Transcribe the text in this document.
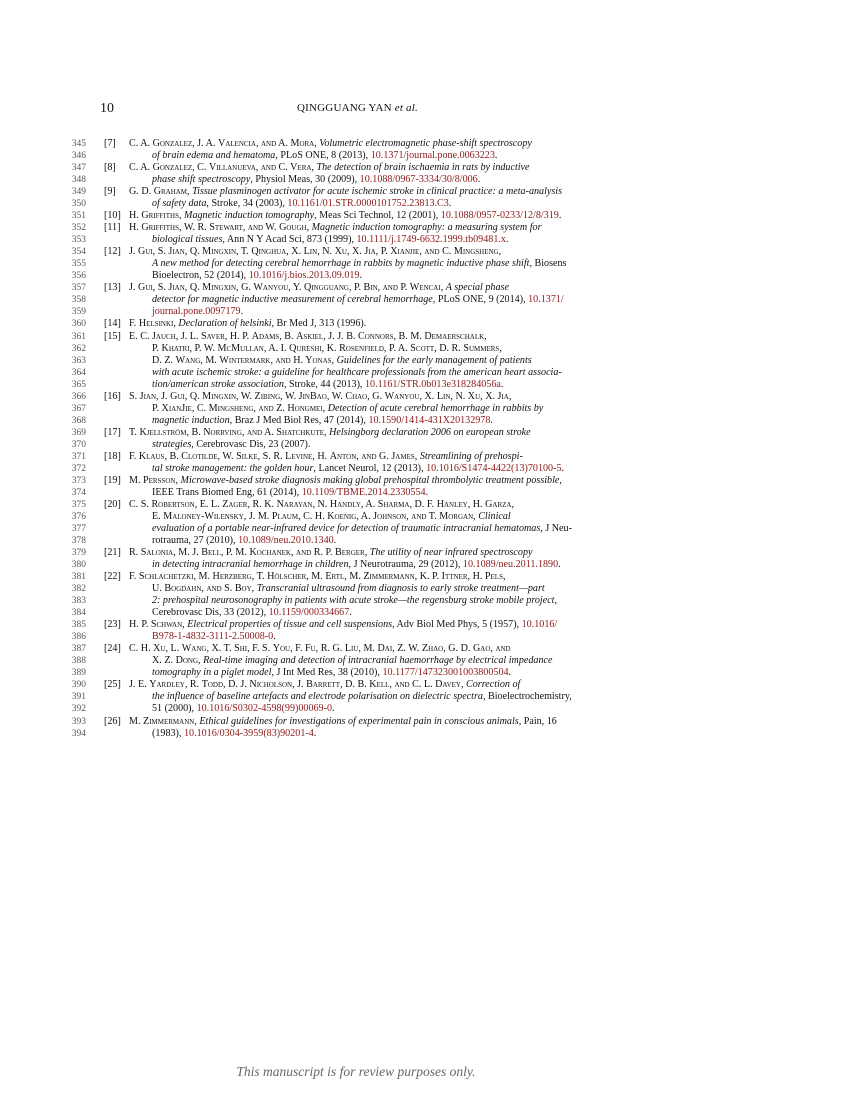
10	QINGGUANG YAN et al.
345 [7] C. A. Gonzalez, J. A. Valencia, and A. Mora, Volumetric electromagnetic phase-shift spectroscopy
346	of brain edema and hematoma, PLoS ONE, 8 (2013), 10.1371/journal.pone.0063223.
347 [8] C. A. Gonzalez, C. Villanueva, and C. Vera, The detection of brain ischaemia in rats by inductive
348	phase shift spectroscopy, Physiol Meas, 30 (2009), 10.1088/0967-3334/30/8/006.
349 [9] G. D. Graham, Tissue plasminogen activator for acute ischemic stroke in clinical practice: a meta-analysis
350	of safety data, Stroke, 34 (2003), 10.1161/01.STR.0000101752.23813.C3.
351 [10] H. Griffiths, Magnetic induction tomography, Meas Sci Technol, 12 (2001), 10.1088/0957-0233/12/8/319.
352 [11] H. Griffiths, W. R. Stewart, and W. Gough, Magnetic induction tomography: a measuring system for
353	biological tissues, Ann N Y Acad Sci, 873 (1999), 10.1111/j.1749-6632.1999.tb09481.x.
354 [12] J. Gui, S. Jian, Q. Mingxin, T. Qinghua, X. Lin, N. Xu, X. Jia, P. Xianjie, and C. Mingsheng,
355	A new method for detecting cerebral hemorrhage in rabbits by magnetic inductive phase shift, Biosens
356	Bioelectron, 52 (2014), 10.1016/j.bios.2013.09.019.
357 [13] J. Gui, S. Jian, Q. Mingxin, G. Wanyou, Y. Qingguang, P. Bin, and P. Wencai, A special phase
358	detector for magnetic inductive measurement of cerebral hemorrhage, PLoS ONE, 9 (2014), 10.1371/
359	journal.pone.0097179.
360 [14] F. Helsinki, Declaration of helsinki, Br Med J, 313 (1996).
361 [15] E. C. Jauch, J. L. Saver, H. P. Adams, B. Askiel, J. J. B. Connors, B. M. Demaerschalk,
362	P. Khatri, P. W. McMullan, A. I. Qureshi, K. Rosenfield, P. A. Scott, D. R. Summers,
363	D. Z. Wang, M. Wintermark, and H. Yonas, Guidelines for the early management of patients
364	with acute ischemic stroke: a guideline for healthcare professionals from the american heart associa-
365	tion/american stroke association, Stroke, 44 (2013), 10.1161/STR.0b013e318284056a.
366 [16] S. Jian, J. Gui, Q. Mingxin, W. Zibing, W. JinBao, W. Chao, G. Wanyou, X. Lin, N. Xu, X. Jia,
367	P. XianJie, C. Mingsheng, and Z. Hongmei, Detection of acute cerebral hemorrhage in rabbits by
368	magnetic induction, Braz J Med Biol Res, 47 (2014), 10.1590/1414-431X20132978.
369 [17] T. Kjellström, B. Norrving, and A. Shatchkute, Helsingborg declaration 2006 on european stroke
370	strategies, Cerebrovasc Dis, 23 (2007).
371 [18] F. Klaus, B. Clotilde, W. Silke, S. R. Levine, H. Anton, and G. James, Streamlining of prehospi-
372	tal stroke management: the golden hour, Lancet Neurol, 12 (2013), 10.1016/S1474-4422(13)70100-5.
373 [19] M. Persson, Microwave-based stroke diagnosis making global prehospital thrombolytic treatment possible,
374	IEEE Trans Biomed Eng, 61 (2014), 10.1109/TBME.2014.2330554.
375 [20] C. S. Robertson, E. L. Zager, R. K. Narayan, N. Handly, A. Sharma, D. F. Hanley, H. Garza,
376	E. Maloney-Wilensky, J. M. Plaum, C. H. Koenig, A. Johnson, and T. Morgan, Clinical
377	evaluation of a portable near-infrared device for detection of traumatic intracranial hematomas, J Neu-
378	rotrauma, 27 (2010), 10.1089/neu.2010.1340.
379 [21] R. Salonia, M. J. Bell, P. M. Kochanek, and R. P. Berger, The utility of near infrared spectroscopy
380	in detecting intracranial hemorrhage in children, J Neurotrauma, 29 (2012), 10.1089/neu.2011.1890.
381 [22] F. Schlachetzki, M. Herzberg, T. Hölscher, M. Ertl, M. Zimmermann, K. P. Ittner, H. Pels,
382	U. Bogdahn, and S. Boy, Transcranial ultrasound from diagnosis to early stroke treatment—part
383	2: prehospital neurosonography in patients with acute stroke—the regensburg stroke mobile project,
384	Cerebrovasc Dis, 33 (2012), 10.1159/000334667.
385 [23] H. P. Schwan, Electrical properties of tissue and cell suspensions, Adv Biol Med Phys, 5 (1957), 10.1016/
386	B978-1-4832-3111-2.50008-0.
387 [24] C. H. Xu, L. Wang, X. T. Shi, F. S. You, F. Fu, R. G. Liu, M. Dai, Z. W. Zhao, G. D. Gao, and
388	X. Z. Dong, Real-time imaging and detection of intracranial haemorrhage by electrical impedance
389	tomography in a piglet model, J Int Med Res, 38 (2010), 10.1177/147323001003800504.
390 [25] J. E. Yardley, R. Todd, D. J. Nicholson, J. Barrett, D. B. Kell, and C. L. Davey, Correction of
391	the influence of baseline artefacts and electrode polarisation on dielectric spectra, Bioelectrochemistry,
392	51 (2000), 10.1016/S0302-4598(99)00069-0.
393 [26] M. Zimmermann, Ethical guidelines for investigations of experimental pain in conscious animals, Pain, 16
394	(1983), 10.1016/0304-3959(83)90201-4.
This manuscript is for review purposes only.
